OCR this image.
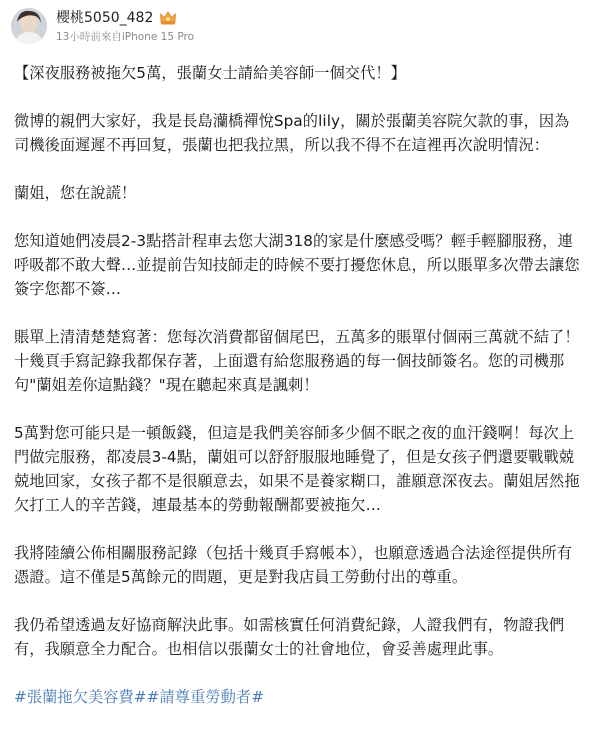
櫻桃5050_482
13小時前來自iPhone 15 Pro

【深夜服務被拖欠5萬，張蘭女士請給美容師一個交代！】

微博的親們大家好，我是長島灡橋禪悅Spa的lily，關於張蘭美容院欠款的事，因為司機後面遲遲不再回复，張蘭也把我拉黑，所以我不得不在這裡再次說明情況：

蘭姐，您在說謊！

您知道她們凌晨2-3點搭計程車去您大湖318的家是什麼感受嗎？輕手輕腳服務，連呼吸都不敢大聲…並提前告知技師走的時候不要打擾您休息，所以賬單多次帶去讓您簽字您都不簽…

賬單上清清楚楚寫著：您每次消費都留個尾巴，五萬多的賬單付個兩三萬就不結了！十幾頁手寫記錄我都保存著，上面還有給您服務過的每一個技師簽名。您的司機那句"蘭姐差你這點錢？"現在聽起來真是諷刺！

5萬對您可能只是一頓飯錢，但這是我們美容師多少個不眠之夜的血汗錢啊！每次上門做完服務，都凌晨3-4點，蘭姐可以舒舒服服地睡覺了，但是女孩子們還要戰戰兢兢地回家，女孩子都不是很願意去，如果不是養家糊口，誰願意深夜去。蘭姐居然拖欠打工人的辛苦錢，連最基本的勞動報酬都要被拖欠…

我將陸續公佈相關服務記錄（包括十幾頁手寫帳本），也願意透過合法途徑提供所有憑證。這不僅是5萬餘元的問題，更是對我店員工勞動付出的尊重。

我仍希望透過友好協商解決此事。如需核實任何消費紀錄，人證我們有，物證我們有，我願意全力配合。也相信以張蘭女士的社會地位，會妥善處理此事。

#張蘭拖欠美容費##請尊重勞動者#
